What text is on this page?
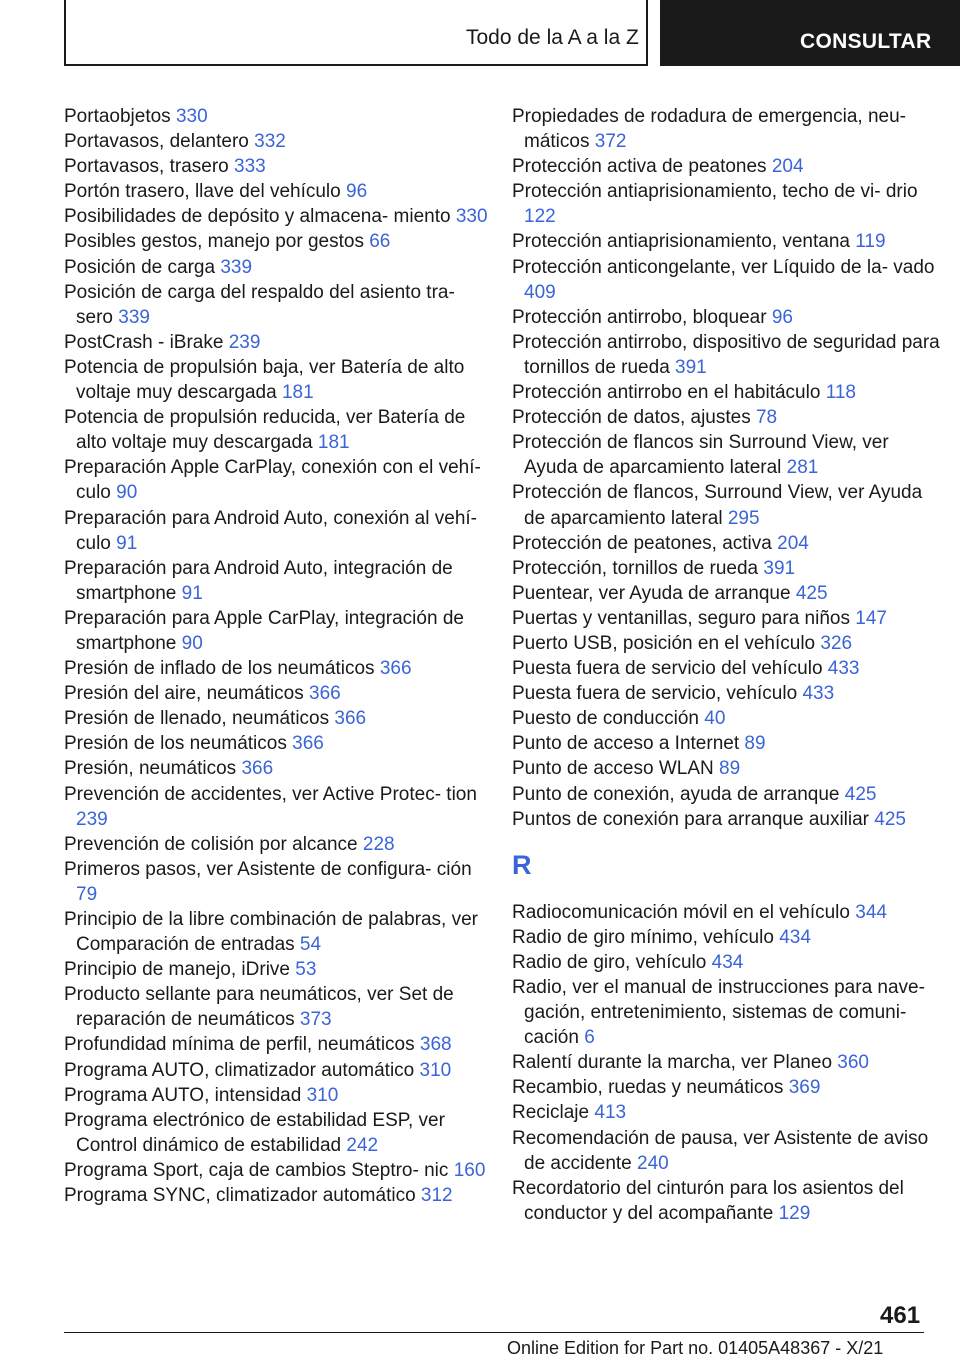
Todo de la A a la Z	CONSULTAR
Portaobjetos 330
Portavasos, delantero 332
Portavasos, trasero 333
Portón trasero, llave del vehículo 96
Posibilidades de depósito y almacena‐ miento 330
Posibles gestos, manejo por gestos 66
Posición de carga 339
Posición de carga del respaldo del asiento tra‐ sero 339
PostCrash - iBrake 239
Potencia de propulsión baja, ver Batería de alto voltaje muy descargada 181
Potencia de propulsión reducida, ver Batería de alto voltaje muy descargada 181
Preparación Apple CarPlay, conexión con el vehí‐ culo 90
Preparación para Android Auto, conexión al vehí‐ culo 91
Preparación para Android Auto, integración de smartphone 91
Preparación para Apple CarPlay, integración de smartphone 90
Presión de inflado de los neumáticos 366
Presión del aire, neumáticos 366
Presión de llenado, neumáticos 366
Presión de los neumáticos 366
Presión, neumáticos 366
Prevención de accidentes, ver Active Protec‐ tion 239
Prevención de colisión por alcance 228
Primeros pasos, ver Asistente de configura‐ ción 79
Principio de la libre combinación de palabras, ver Comparación de entradas 54
Principio de manejo, iDrive 53
Producto sellante para neumáticos, ver Set de reparación de neumáticos 373
Profundidad mínima de perfil, neumáticos 368
Programa AUTO, climatizador automático 310
Programa AUTO, intensidad 310
Programa electrónico de estabilidad ESP, ver Control dinámico de estabilidad 242
Programa Sport, caja de cambios Steptro‐ nic 160
Programa SYNC, climatizador automático 312
Propiedades de rodadura de emergencia, neu‐ máticos 372
Protección activa de peatones 204
Protección antiaprisionamiento, techo de vi‐ drio 122
Protección antiaprisionamiento, ventana 119
Protección anticongelante, ver Líquido de la‐ vado 409
Protección antirrobo, bloquear 96
Protección antirrobo, dispositivo de seguridad para tornillos de rueda 391
Protección antirrobo en el habitáculo 118
Protección de datos, ajustes 78
Protección de flancos sin Surround View, ver Ayuda de aparcamiento lateral 281
Protección de flancos, Surround View, ver Ayuda de aparcamiento lateral 295
Protección de peatones, activa 204
Protección, tornillos de rueda 391
Puentear, ver Ayuda de arranque 425
Puertas y ventanillas, seguro para niños 147
Puerto USB, posición en el vehículo 326
Puesta fuera de servicio del vehículo 433
Puesta fuera de servicio, vehículo 433
Puesto de conducción 40
Punto de acceso a Internet 89
Punto de acceso WLAN 89
Punto de conexión, ayuda de arranque 425
Puntos de conexión para arranque auxiliar 425
R
Radiocomunicación móvil en el vehículo 344
Radio de giro mínimo, vehículo 434
Radio de giro, vehículo 434
Radio, ver el manual de instrucciones para nave‐ gación, entretenimiento, sistemas de comuni‐ cación 6
Ralentí durante la marcha, ver Planeo 360
Recambio, ruedas y neumáticos 369
Reciclaje 413
Recomendación de pausa, ver Asistente de aviso de accidente 240
Recordatorio del cinturón para los asientos del conductor y del acompañante 129
461
Online Edition for Part no. 01405A48367 - X/21
